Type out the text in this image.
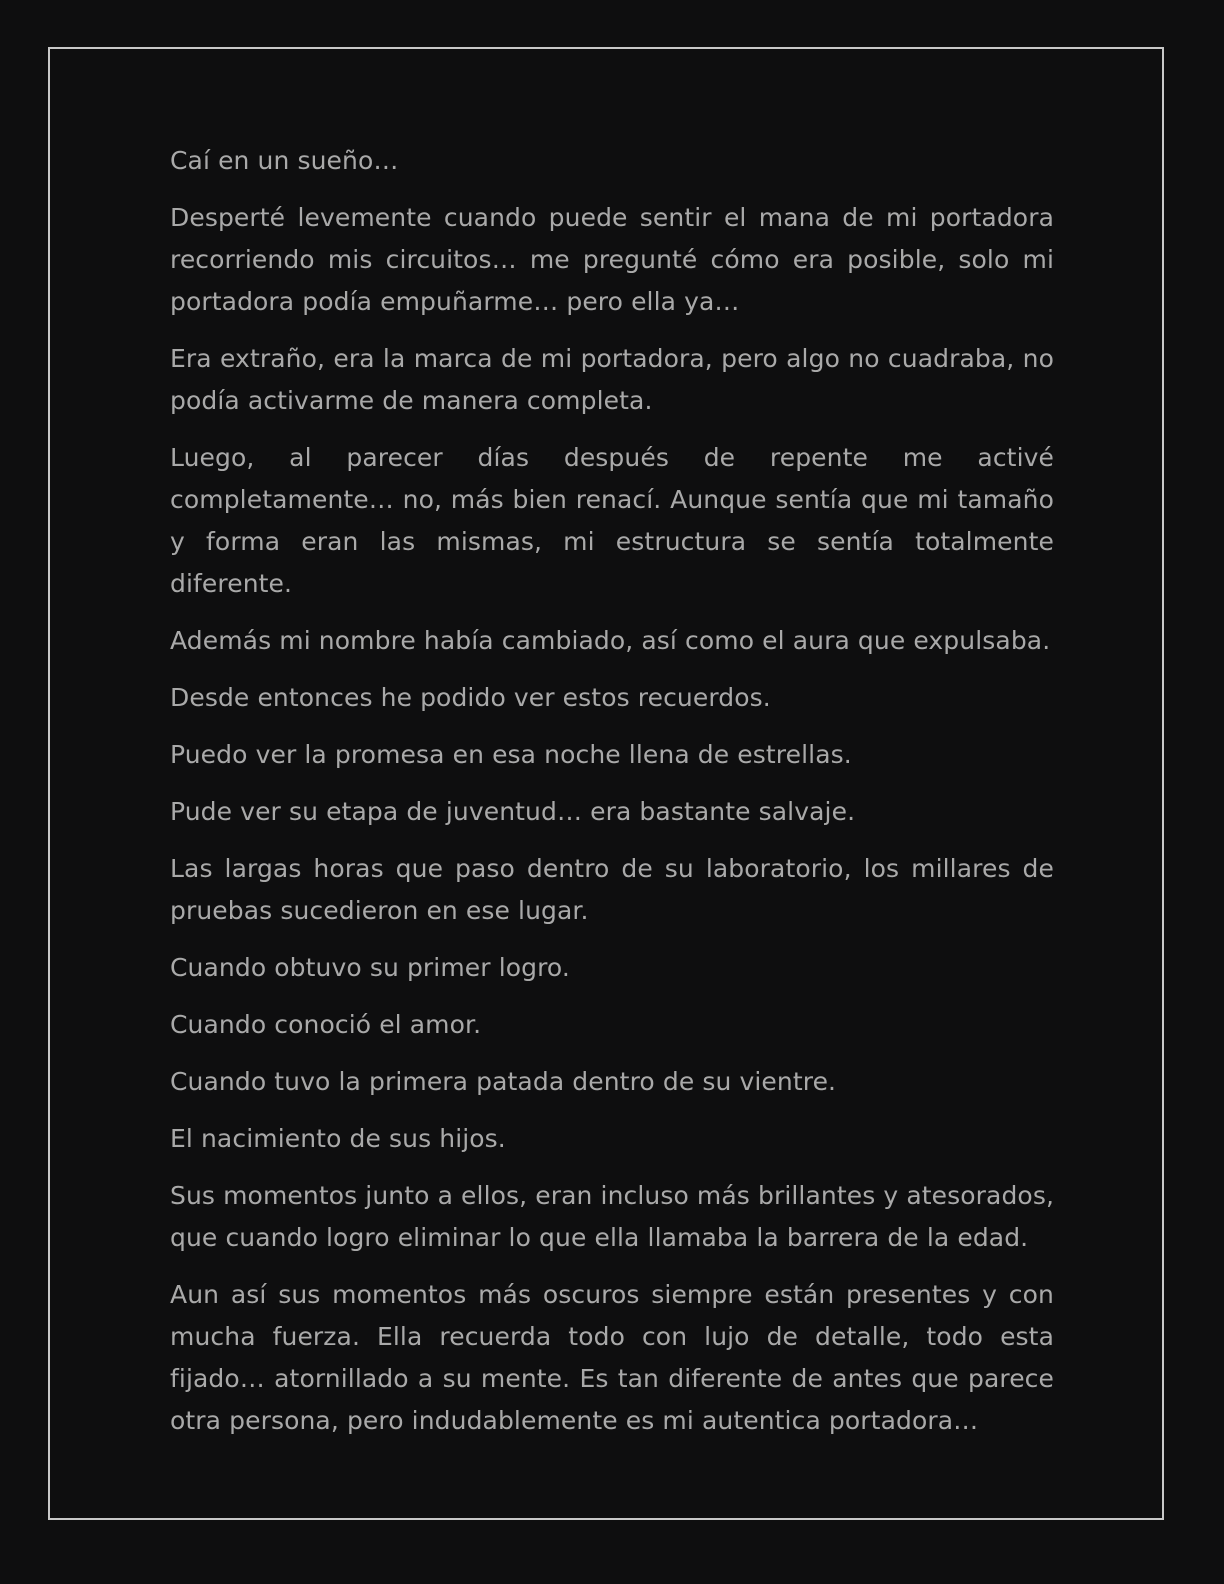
Caí en un sueño…

Desperté levemente cuando puede sentir el mana de mi portadora recorriendo mis circuitos… me pregunté cómo era posible, solo mi portadora podía empuñarme… pero ella ya…

Era extraño, era la marca de mi portadora, pero algo no cuadraba, no podía activarme de manera completa.

Luego, al parecer días después de repente me activé completamente… no, más bien renací. Aunque sentía que mi tamaño y forma eran las mismas, mi estructura se sentía totalmente diferente.

Además mi nombre había cambiado, así como el aura que expulsaba.

Desde entonces he podido ver estos recuerdos.

Puedo ver la promesa en esa noche llena de estrellas.

Pude ver su etapa de juventud… era bastante salvaje.

Las largas horas que paso dentro de su laboratorio, los millares de pruebas sucedieron en ese lugar.

Cuando obtuvo su primer logro.

Cuando conoció el amor.

Cuando tuvo la primera patada dentro de su vientre.

El nacimiento de sus hijos.

Sus momentos junto a ellos, eran incluso más brillantes y atesorados, que cuando logro eliminar lo que ella llamaba la barrera de la edad.

Aun así sus momentos más oscuros siempre están presentes y con mucha fuerza. Ella recuerda todo con lujo de detalle, todo esta fijado… atornillado a su mente. Es tan diferente de antes que parece otra persona, pero indudablemente es mi autentica portadora…
